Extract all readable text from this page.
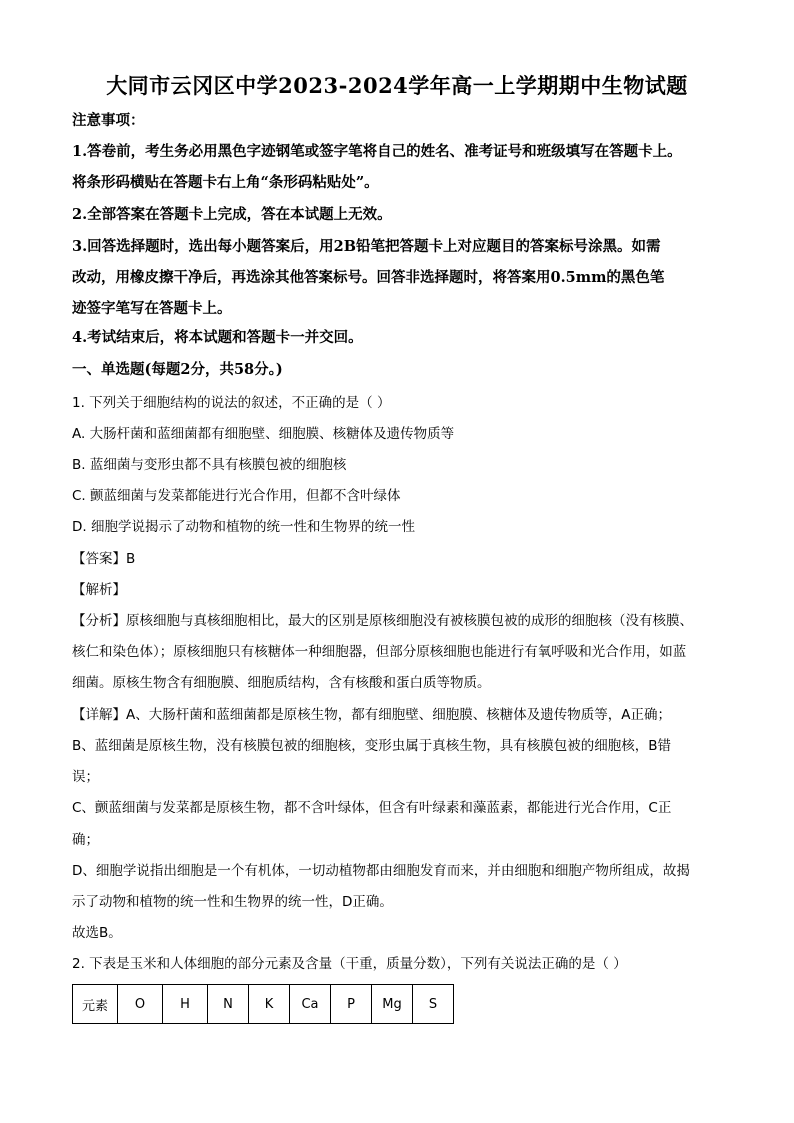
大同市云冈区中学2023-2024学年高一上学期期中生物试题
注意事项：
1.答卷前，考生务必用黑色字迹钢笔或签字笔将自己的姓名、准考证号和班级填写在答题卡上。
将条形码横贴在答题卡右上角“条形码粘贴处”。
2.全部答案在答题卡上完成，答在本试题上无效。
3.回答选择题时，选出每小题答案后，用2B铅笔把答题卡上对应题目的答案标号涂黑。如需
改动，用橡皮擦干净后，再选涂其他答案标号。回答非选择题时，将答案用0.5mm的黑色笔
迹签字笔写在答题卡上。
4.考试结束后，将本试题和答题卡一并交回。
一、单选题(每题2分，共58分。)
1. 下列关于细胞结构的说法的叙述，不正确的是（ ）
A. 大肠杆菌和蓝细菌都有细胞壁、细胞膜、核糖体及遗传物质等
B. 蓝细菌与变形虫都不具有核膜包被的细胞核
C. 颤蓝细菌与发菜都能进行光合作用，但都不含叶绿体
D. 细胞学说揭示了动物和植物的统一性和生物界的统一性
【答案】B
【解析】
【分析】原核细胞与真核细胞相比，最大的区别是原核细胞没有被核膜包被的成形的细胞核（没有核膜、
核仁和染色体）；原核细胞只有核糖体一种细胞器，但部分原核细胞也能进行有氧呼吸和光合作用，如蓝
细菌。原核生物含有细胞膜、细胞质结构，含有核酸和蛋白质等物质。
【详解】A、大肠杆菌和蓝细菌都是原核生物，都有细胞壁、细胞膜、核糖体及遗传物质等，A正确；
B、蓝细菌是原核生物，没有核膜包被的细胞核，变形虫属于真核生物，具有核膜包被的细胞核，B错
误；
C、颤蓝细菌与发菜都是原核生物，都不含叶绿体，但含有叶绿素和藻蓝素，都能进行光合作用，C正
确；
D、细胞学说指出细胞是一个有机体，一切动植物都由细胞发育而来，并由细胞和细胞产物所组成，故揭
示了动物和植物的统一性和生物界的统一性，D正确。
故选B。
2. 下表是玉米和人体细胞的部分元素及含量（干重，质量分数），下列有关说法正确的是（ ）
元素	O	H	N	K	Ca	P	Mg	S
